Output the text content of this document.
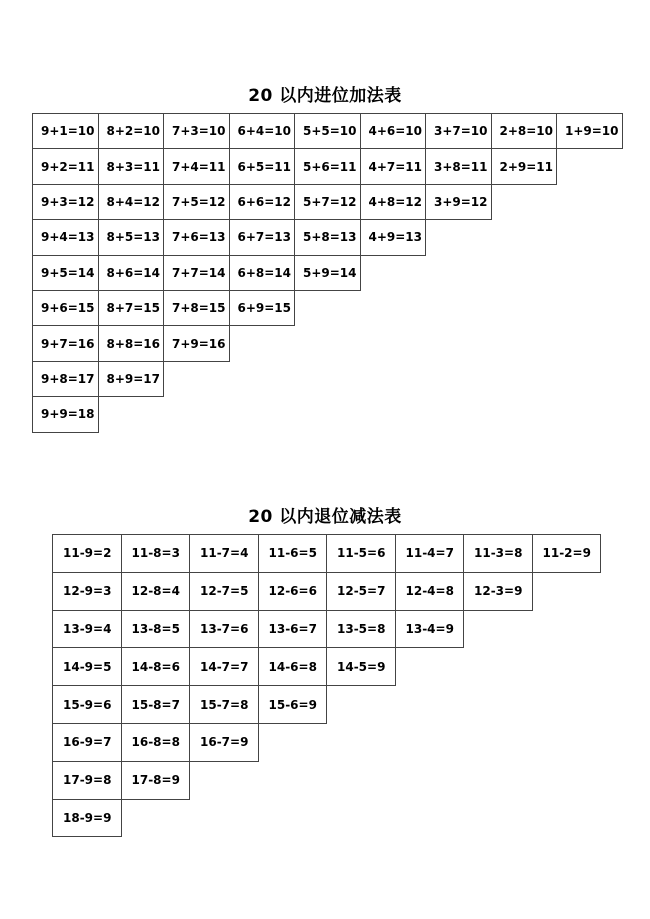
20 以内进位加法表
9+1=10 8+2=10 7+3=10 6+4=10 5+5=10 4+6=10 3+7=10 2+8=10 1+9=10
9+2=11 8+3=11 7+4=11 6+5=11 5+6=11 4+7=11 3+8=11 2+9=11
9+3=12 8+4=12 7+5=12 6+6=12 5+7=12 4+8=12 3+9=12
9+4=13 8+5=13 7+6=13 6+7=13 5+8=13 4+9=13
9+5=14 8+6=14 7+7=14 6+8=14 5+9=14
9+6=15 8+7=15 7+8=15 6+9=15
9+7=16 8+8=16 7+9=16
9+8=17 8+9=17
9+9=18
20 以内退位减法表
11-9=2	11-8=3	11-7=4	11-6=5	11-5=6	11-4=7	11-3=8	11-2=9
12-9=3	12-8=4	12-7=5	12-6=6	12-5=7	12-4=8	12-3=9
13-9=4	13-8=5	13-7=6	13-6=7	13-5=8	13-4=9
14-9=5	14-8=6	14-7=7	14-6=8	14-5=9
15-9=6	15-8=7	15-7=8	15-6=9
16-9=7	16-8=8	16-7=9
17-9=8	17-8=9
18-9=9
